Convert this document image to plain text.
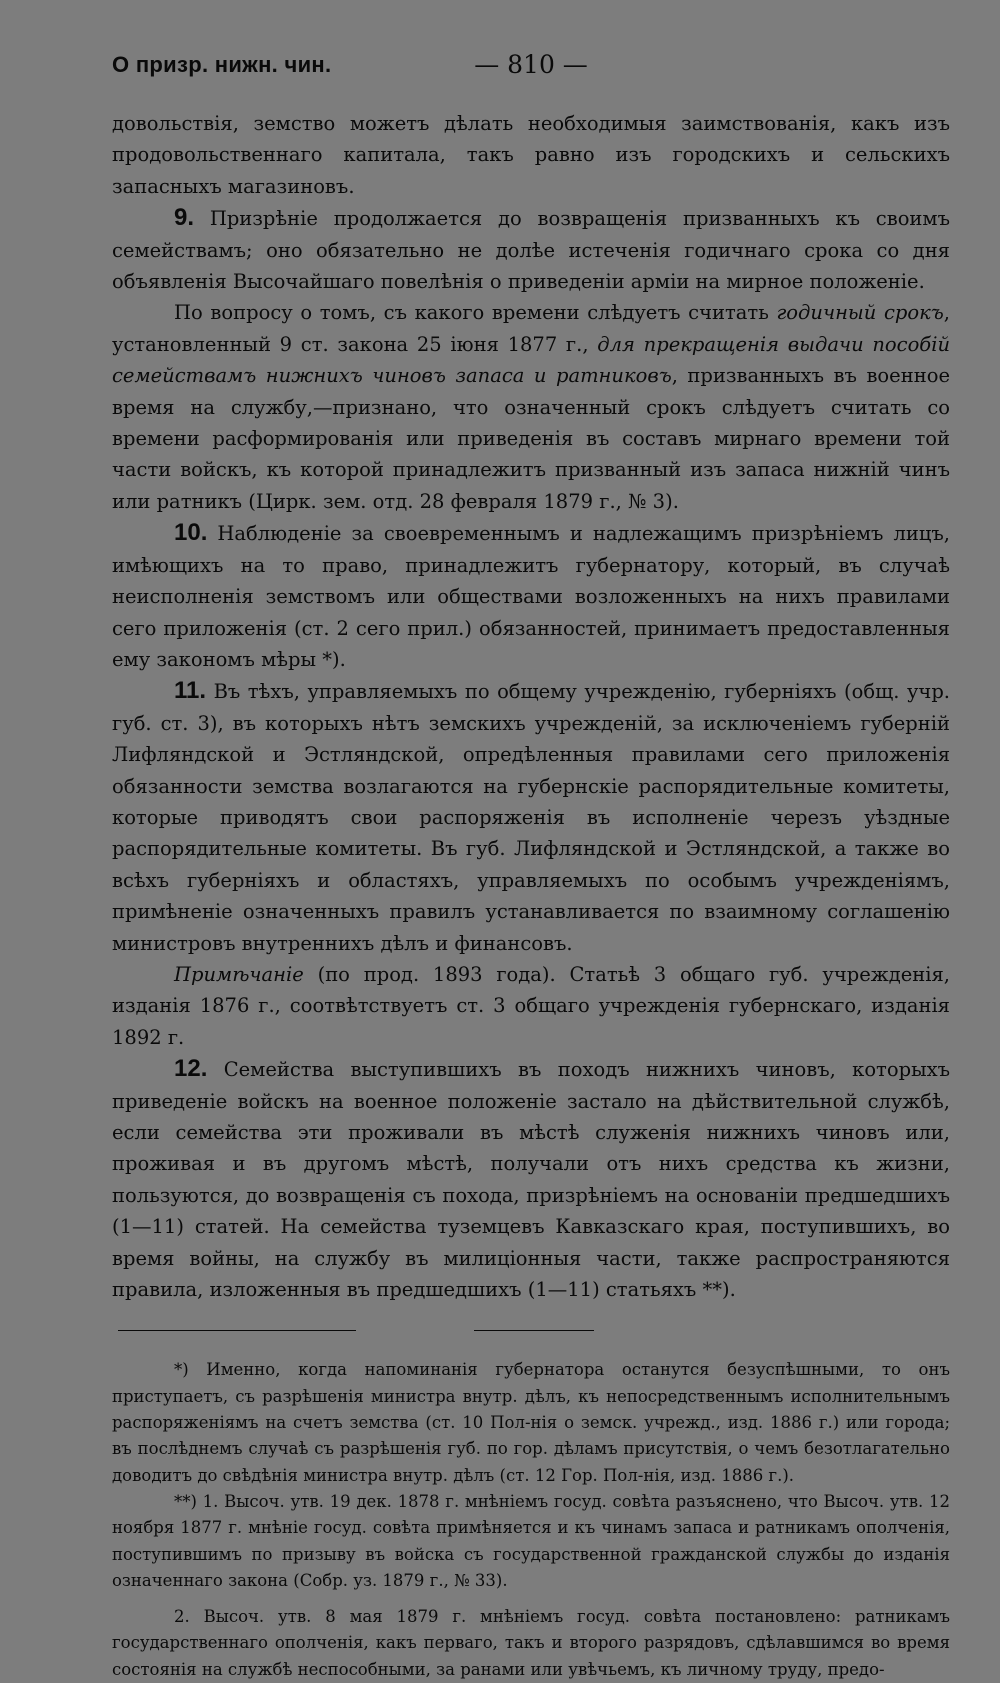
О призр. нижн. чин.	— 810 —

довольствія, земство можетъ дѣлать необходимыя заимствованія, какъ изъ продовольственнаго капитала, такъ равно изъ городскихъ и сельскихъ запасныхъ магазиновъ.

9. Призрѣніе продолжается до возвращенія призванныхъ къ своимъ семействамъ; оно обязательно не долѣе истеченія годичнаго срока со дня объявленія Высочайшаго повелѣнія о приведеніи арміи на мирное положеніе.

По вопросу о томъ, съ какого времени слѣдуетъ считать годичный срокъ, установленный 9 ст. закона 25 іюня 1877 г., для прекращенія выдачи пособій семействамъ нижнихъ чиновъ запаса и ратниковъ, призванныхъ въ военное время на службу,—признано, что означенный срокъ слѣдуетъ считать со времени расформированія или приведенія въ составъ мирнаго времени той части войскъ, къ которой принадлежитъ призванный изъ запаса нижній чинъ или ратникъ (Цирк. зем. отд. 28 февраля 1879 г., № 3).

10. Наблюденіе за своевременнымъ и надлежащимъ призрѣніемъ лицъ, имѣющихъ на то право, принадлежитъ губернатору, который, въ случаѣ неисполненія земствомъ или обществами возложенныхъ на нихъ правилами сего приложенія (ст. 2 сего прил.) обязанностей, принимаетъ предоставленныя ему закономъ мѣры *).

11. Въ тѣхъ, управляемыхъ по общему учрежденію, губерніяхъ (общ. учр. губ. ст. 3), въ которыхъ нѣтъ земскихъ учрежденій, за исключеніемъ губерній Лифляндской и Эстляндской, опредѣленныя правилами сего приложенія обязанности земства возлагаются на губернскіе распорядительные комитеты, которые приводятъ свои распоряженія въ исполненіе черезъ уѣздные распорядительные комитеты. Въ губ. Лифляндской и Эстляндской, а также во всѣхъ губерніяхъ и областяхъ, управляемыхъ по особымъ учрежденіямъ, примѣненіе означенныхъ правилъ устанавливается по взаимному соглашенію министровъ внутреннихъ дѣлъ и финансовъ.

Примѣчаніе (по прод. 1893 года). Статьѣ 3 общаго губ. учрежденія, изданія 1876 г., соотвѣтствуетъ ст. 3 общаго учрежденія губернскаго, изданія 1892 г.

12. Семейства выступившихъ въ походъ нижнихъ чиновъ, которыхъ приведеніе войскъ на военное положеніе застало на дѣйствительной службѣ, если семейства эти проживали въ мѣстѣ служенія нижнихъ чиновъ или, проживая и въ другомъ мѣстѣ, получали отъ нихъ средства къ жизни, пользуются, до возвращенія съ похода, призрѣніемъ на основаніи предшедшихъ (1—11) статей. На семейства туземцевъ Кавказскаго края, поступившихъ, во время войны, на службу въ милиціонныя части, также распространяются правила, изложенныя въ предшедшихъ (1—11) статьяхъ **).

*) Именно, когда напоминанія губернатора останутся безуспѣшными, то онъ приступаетъ, съ разрѣшенія министра внутр. дѣлъ, къ непосредственнымъ исполнительнымъ распоряженіямъ на счетъ земства (ст. 10 Пол-нія о земск. учрежд., изд. 1886 г.) или города; въ послѣднемъ случаѣ съ разрѣшенія губ. по гор. дѣламъ присутствія, о чемъ безотлагательно доводитъ до свѣдѣнія министра внутр. дѣлъ (ст. 12 Гор. Пол-нія, изд. 1886 г.).

**) 1. Высоч. утв. 19 дек. 1878 г. мнѣніемъ госуд. совѣта разъяснено, что Высоч. утв. 12 ноября 1877 г. мнѣніе госуд. совѣта примѣняется и къ чинамъ запаса и ратникамъ ополченія, поступившимъ по призыву въ войска съ государственной гражданской службы до изданія означеннаго закона (Собр. уз. 1879 г., № 33).

2. Высоч. утв. 8 мая 1879 г. мнѣніемъ госуд. совѣта постановлено: ратникамъ государственнаго ополченія, какъ перваго, такъ и второго разрядовъ, сдѣлавшимся во время состоянія на службѣ неспособными, за ранами или увѣчьемъ, къ личному труду, предо-
